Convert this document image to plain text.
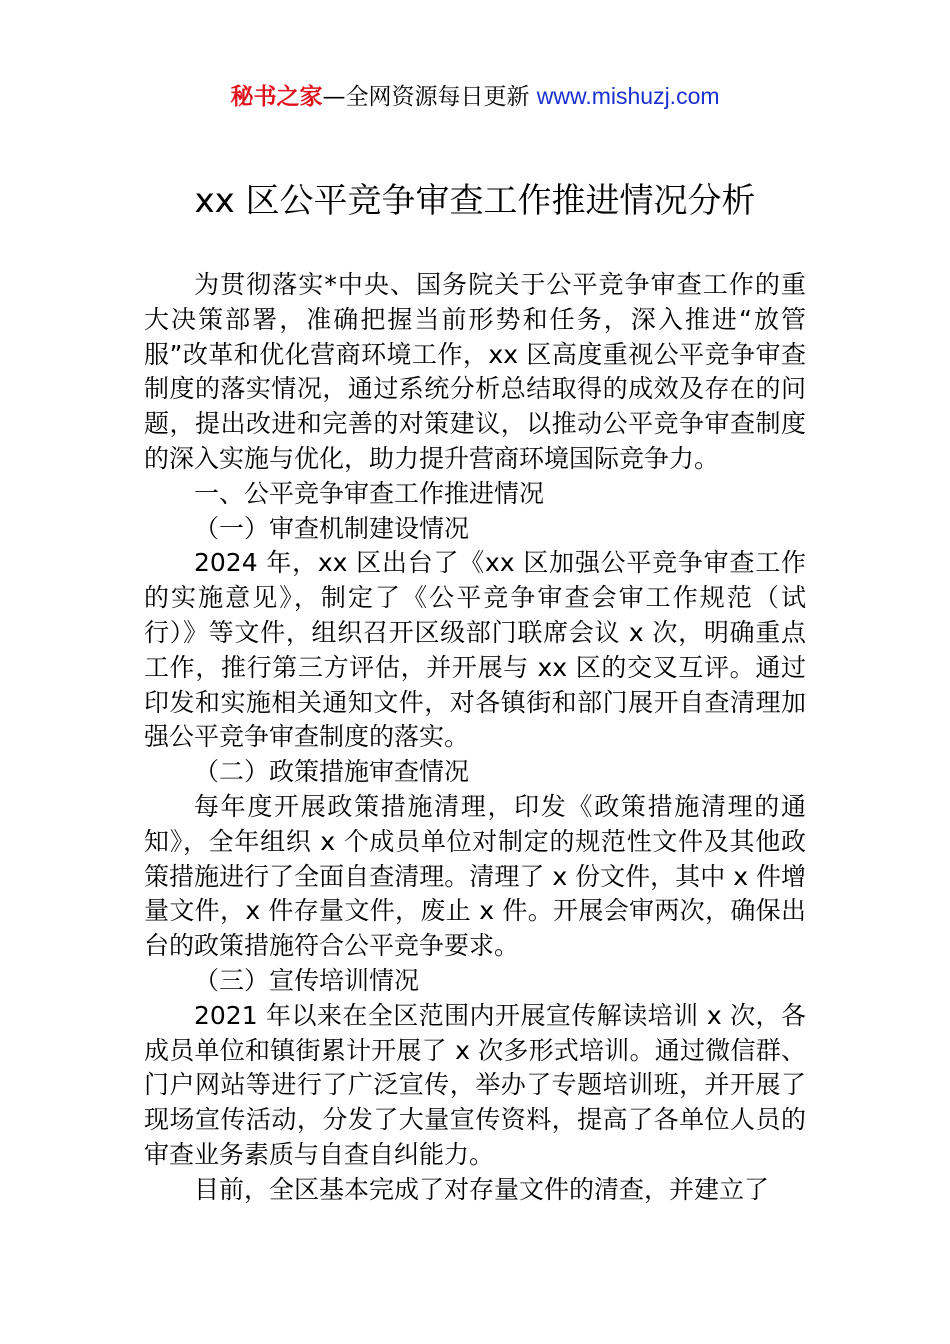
秘书之家—全网资源每日更新 www.mishuzj.com
xx 区公平竞争审查工作推进情况分析

为贯彻落实*中央、国务院关于公平竞争审查工作的重大决策部署，准确把握当前形势和任务，深入推进“放管服”改革和优化营商环境工作，xx 区高度重视公平竞争审查制度的落实情况，通过系统分析总结取得的成效及存在的问题，提出改进和完善的对策建议，以推动公平竞争审查制度的深入实施与优化，助力提升营商环境国际竞争力。

一、公平竞争审查工作推进情况

（一）审查机制建设情况

2024 年，xx 区出台了《xx 区加强公平竞争审查工作的实施意见》，制定了《公平竞争审查会审工作规范（试行）》等文件，组织召开区级部门联席会议 x 次，明确重点工作，推行第三方评估，并开展与 xx 区的交叉互评。通过印发和实施相关通知文件，对各镇街和部门展开自查清理加强公平竞争审查制度的落实。

（二）政策措施审查情况

每年度开展政策措施清理，印发《政策措施清理的通知》，全年组织 x 个成员单位对制定的规范性文件及其他政策措施进行了全面自查清理。清理了 x 份文件，其中 x 件增量文件，x 件存量文件，废止 x 件。开展会审两次，确保出台的政策措施符合公平竞争要求。

（三）宣传培训情况

2021 年以来在全区范围内开展宣传解读培训 x 次，各成员单位和镇街累计开展了 x 次多形式培训。通过微信群、门户网站等进行了广泛宣传，举办了专题培训班，并开展了现场宣传活动，分发了大量宣传资料，提高了各单位人员的审查业务素质与自查自纠能力。

目前，全区基本完成了对存量文件的清查，并建立了
